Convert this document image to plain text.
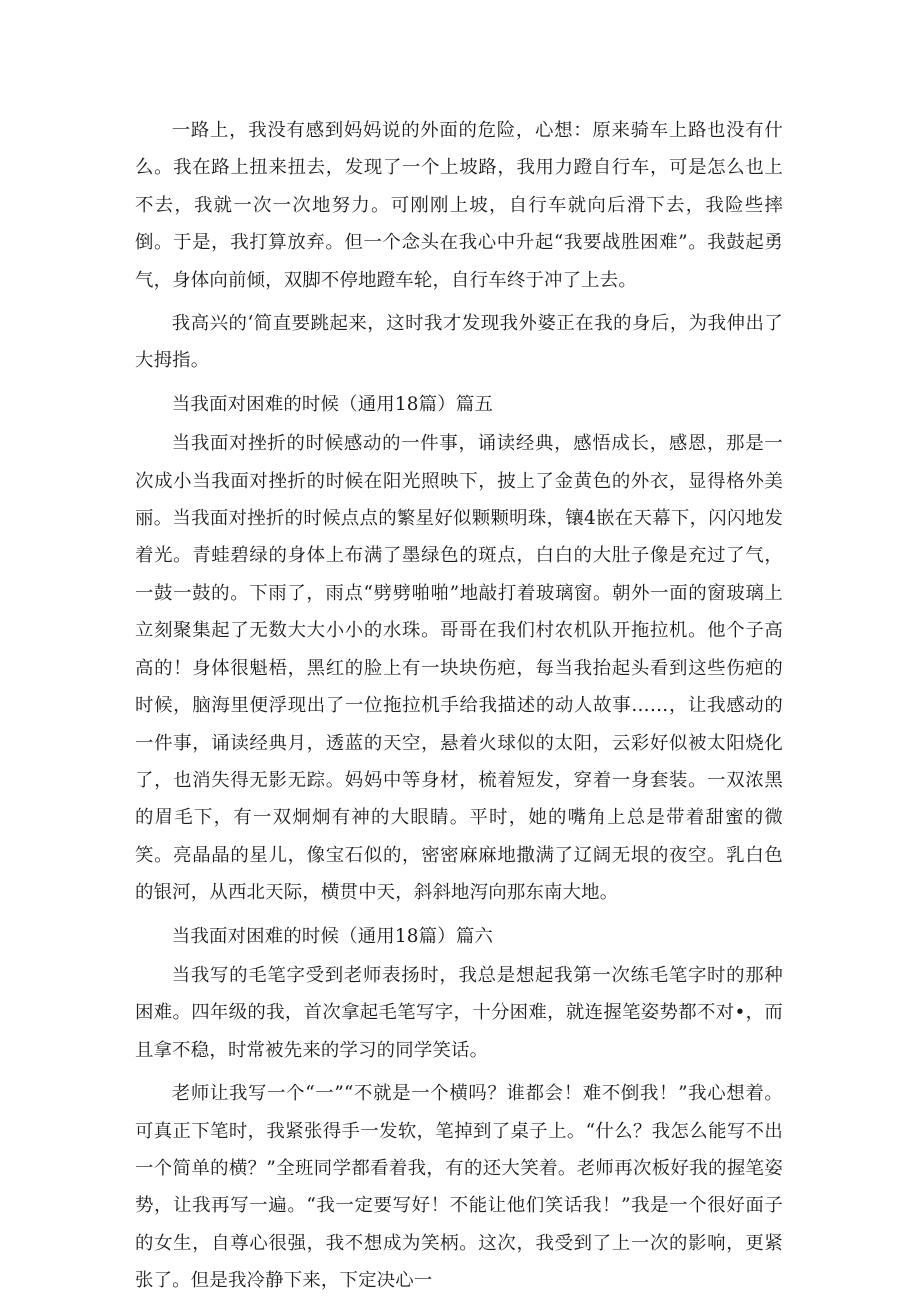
一路上，我没有感到妈妈说的外面的危险，心想：原来骑车上路也没有什么。我在路上扭来扭去，发现了一个上坡路，我用力蹬自行车，可是怎么也上不去，我就一次一次地努力。可刚刚上坡，自行车就向后滑下去，我险些摔倒。于是，我打算放弃。但一个念头在我心中升起“我要战胜困难”。我鼓起勇气，身体向前倾，双脚不停地蹬车轮，自行车终于冲了上去。

我高兴的‘简直要跳起来，这时我才发现我外婆正在我的身后，为我伸出了大拇指。

当我面对困难的时候（通用18篇）篇五

当我面对挫折的时候感动的一件事，诵读经典，感悟成长，感恩，那是一次成小当我面对挫折的时候在阳光照映下，披上了金黄色的外衣，显得格外美丽。当我面对挫折的时候点点的繁星好似颗颗明珠，镶4嵌在天幕下，闪闪地发着光。青蛙碧绿的身体上布满了墨绿色的斑点，白白的大肚子像是充过了气，一鼓一鼓的。下雨了，雨点“劈劈啪啪”地敲打着玻璃窗。朝外一面的窗玻璃上立刻聚集起了无数大大小小的水珠。哥哥在我们村农机队开拖拉机。他个子高高的！身体很魁梧，黑红的脸上有一块块伤疤，每当我抬起头看到这些伤疤的时候，脑海里便浮现出了一位拖拉机手给我描述的动人故事……，让我感动的一件事，诵读经典月，透蓝的天空，悬着火球似的太阳，云彩好似被太阳烧化了，也消失得无影无踪。妈妈中等身材，梳着短发，穿着一身套装。一双浓黑的眉毛下，有一双炯炯有神的大眼睛。平时，她的嘴角上总是带着甜蜜的微笑。亮晶晶的星儿，像宝石似的，密密麻麻地撒满了辽阔无垠的夜空。乳白色的银河，从西北天际，横贯中天，斜斜地泻向那东南大地。

当我面对困难的时候（通用18篇）篇六

当我写的毛笔字受到老师表扬时，我总是想起我第一次练毛笔字时的那种困难。四年级的我，首次拿起毛笔写字，十分困难，就连握笔姿势都不对•，而且拿不稳，时常被先来的学习的同学笑话。

老师让我写一个“一”“不就是一个横吗？谁都会！难不倒我！”我心想着。可真正下笔时，我紧张得手一发软，笔掉到了桌子上。“什么？我怎么能写不出一个简单的横？”全班同学都看着我，有的还大笑着。老师再次板好我的握笔姿势，让我再写一遍。“我一定要写好！不能让他们笑话我！”我是一个很好面子的女生，自尊心很强，我不想成为笑柄。这次，我受到了上一次的影响，更紧张了。但是我冷静下来，下定决心一
